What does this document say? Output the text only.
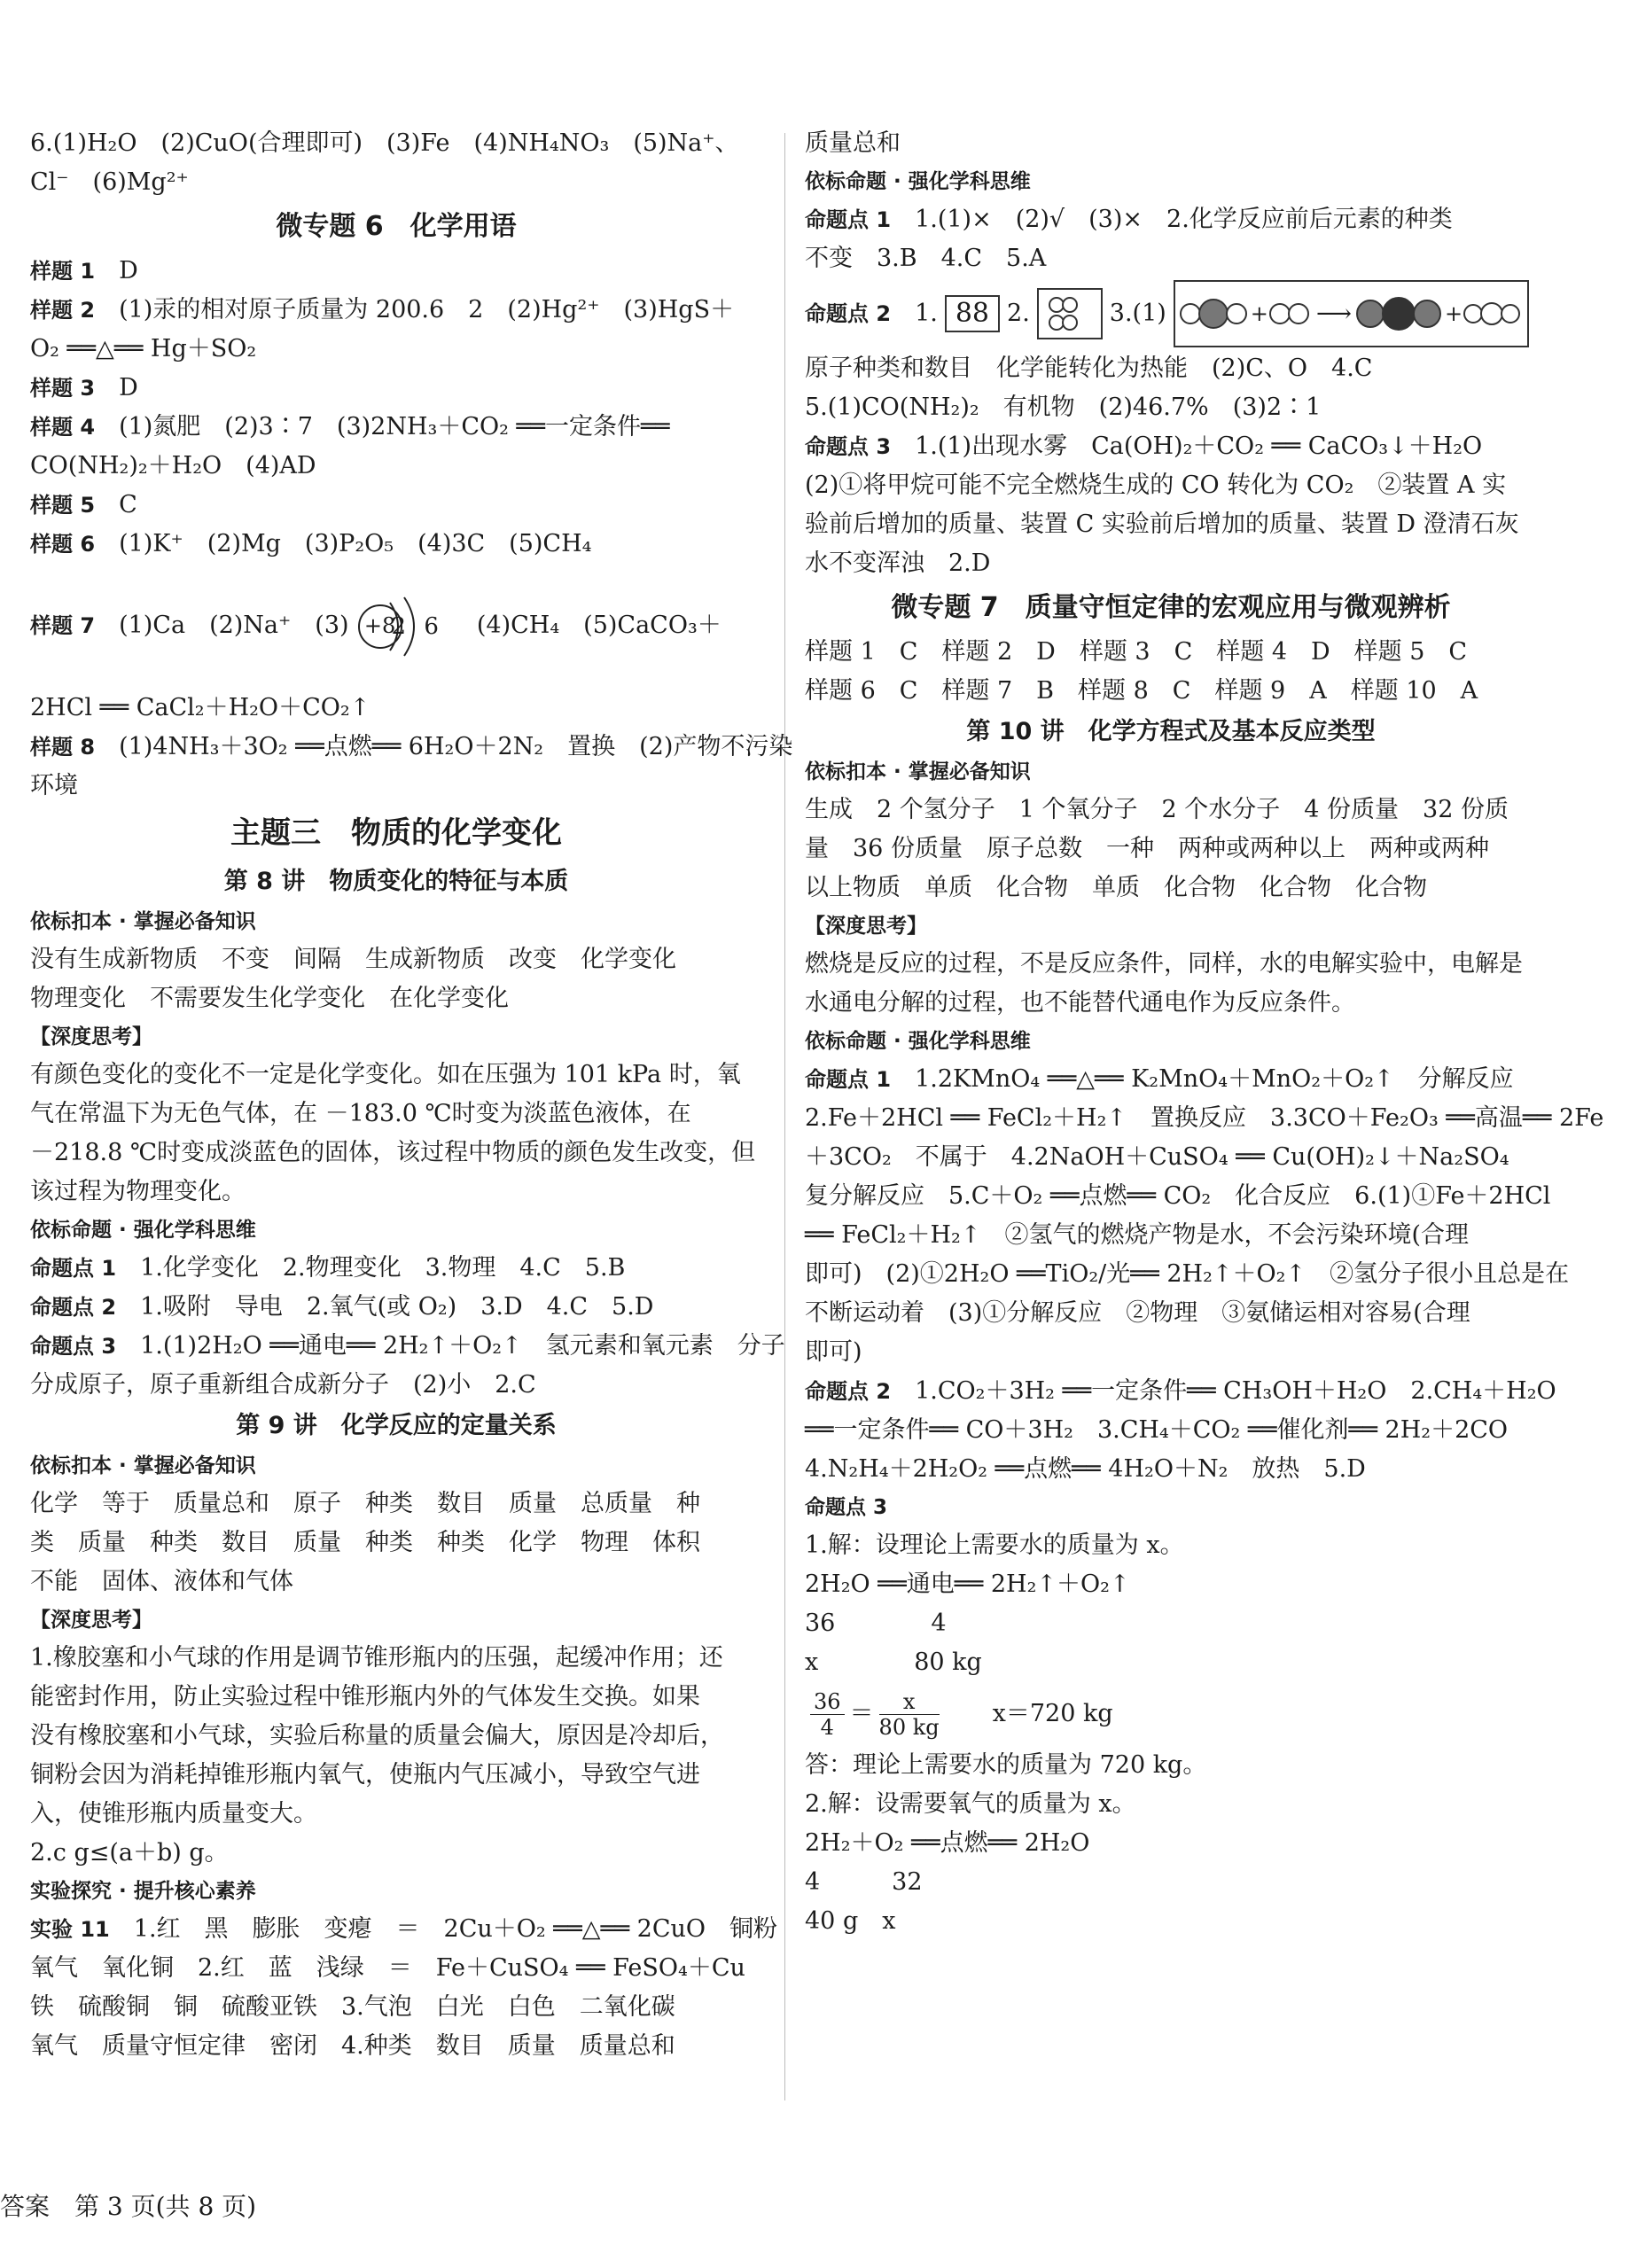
6.(1)H₂O　(2)CuO(合理即可)　(3)Fe　(4)NH₄NO₃　(5)Na⁺、
Cl⁻　(6)Mg²⁺
微专题 6　化学用语
样题 1　 D
样题 2　 (1)汞的相对原子质量为 200.6　2　(2)Hg²⁺　(3)HgS＋
O₂ ══△══ Hg＋SO₂
样题 3　 D
样题 4　 (1)氮肥　(2)3∶7　(3)2NH₃＋CO₂ ══一定条件══
CO(NH₂)₂＋H₂O　(4)AD
样题 5　 C
样题 6　 (1)K⁺　(2)Mg　(3)P₂O₅　(4)3C　(5)CH₄
样题 7　 (1)Ca　(2)Na⁺　(3) +8
2 6
　 (4)CH₄　(5)CaCO₃＋
2HCl ══ CaCl₂＋H₂O＋CO₂↑
样题 8　 (1)4NH₃＋3O₂ ══点燃══ 6H₂O＋2N₂　置换　(2)产物不污染
环境
主题三　物质的化学变化
第 8 讲　物质变化的特征与本质
依标扣本 · 掌握必备知识
没有生成新物质　不变　间隔　生成新物质　改变　化学变化
物理变化　不需要发生化学变化　在化学变化
【深度思考】
有颜色变化的变化不一定是化学变化。如在压强为 101 kPa 时，氧
气在常温下为无色气体，在 －183.0 ℃时变为淡蓝色液体，在
－218.8 ℃时变成淡蓝色的固体，该过程中物质的颜色发生改变，但
该过程为物理变化。
依标命题 · 强化学科思维
命题点 1　 1.化学变化　2.物理变化　3.物理　4.C　5.B
命题点 2　 1.吸附　导电　2.氧气(或 O₂)　3.D　4.C　5.D
命题点 3　 1.(1)2H₂O ══通电══ 2H₂↑＋O₂↑　氢元素和氧元素　分子
分成原子，原子重新组合成新分子　(2)小　2.C
第 9 讲　化学反应的定量关系
依标扣本 · 掌握必备知识
化学　等于　质量总和　原子　种类　数目　质量　总质量　种
类　质量　种类　数目　质量　种类　种类　化学　物理　体积
不能　固体、液体和气体
【深度思考】
1.橡胶塞和小气球的作用是调节锥形瓶内的压强，起缓冲作用；还
能密封作用，防止实验过程中锥形瓶内外的气体发生交换。如果
没有橡胶塞和小气球，实验后称量的质量会偏大，原因是冷却后，
铜粉会因为消耗掉锥形瓶内氧气，使瓶内气压减小，导致空气进
入，使锥形瓶内质量变大。
2.c g≤(a＋b) g。
实验探究 · 提升核心素养
实验 11　 1.红　黑　膨胀　变瘪　＝　2Cu＋O₂ ══△══ 2CuO　铜粉
氧气　氧化铜　2.红　蓝　浅绿　＝　Fe＋CuSO₄ ══ FeSO₄＋Cu
铁　硫酸铜　铜　硫酸亚铁　3.气泡　白光　白色　二氧化碳
氧气　质量守恒定律　密闭　4.种类　数目　质量　质量总和
质量总和
依标命题 · 强化学科思维
命题点 1　 1.(1)×　(2)√　(3)×　2.化学反应前后元素的种类
不变　3.B　4.C　5.A
命题点 2
　 1. 88 2.	3.(1)	+ ⟶	+
原子种类和数目　化学能转化为热能　(2)C、O　4.C
5.(1)CO(NH₂)₂　有机物　(2)46.7%　(3)2∶1
命题点 3　 1.(1)出现水雾　Ca(OH)₂＋CO₂ ══ CaCO₃↓＋H₂O
(2)①将甲烷可能不完全燃烧生成的 CO 转化为 CO₂　②装置 A 实
验前后增加的质量、装置 C 实验前后增加的质量、装置 D 澄清石灰
水不变浑浊　2.D
微专题 7　质量守恒定律的宏观应用与微观辨析
样题 1　C　样题 2　D　样题 3　C　样题 4　D　样题 5　C
样题 6　C　样题 7　B　样题 8　C　样题 9　A　样题 10　A
第 10 讲　化学方程式及基本反应类型
依标扣本 · 掌握必备知识
生成　2 个氢分子　1 个氧分子　2 个水分子　4 份质量　32 份质
量　36 份质量　原子总数　一种　两种或两种以上　两种或两种
以上物质　单质　化合物　单质　化合物　化合物　化合物
【深度思考】
燃烧是反应的过程，不是反应条件，同样，水的电解实验中，电解是
水通电分解的过程，也不能替代通电作为反应条件。
依标命题 · 强化学科思维
命题点 1　 1.2KMnO₄ ══△══ K₂MnO₄＋MnO₂＋O₂↑　分解反应
2.Fe＋2HCl ══ FeCl₂＋H₂↑　置换反应　3.3CO＋Fe₂O₃ ══高温══ 2Fe
＋3CO₂　不属于　4.2NaOH＋CuSO₄ ══ Cu(OH)₂↓＋Na₂SO₄
复分解反应　5.C＋O₂ ══点燃══ CO₂　化合反应　6.(1)①Fe＋2HCl
══ FeCl₂＋H₂↑　②氢气的燃烧产物是水，不会污染环境(合理
即可)　(2)①2H₂O ══TiO₂/光══ 2H₂↑＋O₂↑　②氢分子很小且总是在
不断运动着　(3)①分解反应　②物理　③氨储运相对容易(合理
即可)
命题点 2　 1.CO₂＋3H₂ ══一定条件══ CH₃OH＋H₂O　2.CH₄＋H₂O
══一定条件══ CO＋3H₂　3.CH₄＋CO₂ ══催化剂══ 2H₂＋2CO
4.N₂H₄＋2H₂O₂ ══点燃══ 4H₂O＋N₂　放热　5.D
命题点 3
1.解：设理论上需要水的质量为 x。
2H₂O ══通电══ 2H₂↑＋O₂↑
36　　　　4
x　　　　80 kg
$\frac{36}{4} = \frac{x}{80 kg}$
　　 x＝720 kg
答：理论上需要水的质量为 720 kg。
2.解：设需要氧气的质量为 x。
2H₂＋O₂ ══点燃══ 2H₂O
4　　　32
40 g　x
答案　第 3 页(共 8 页)
